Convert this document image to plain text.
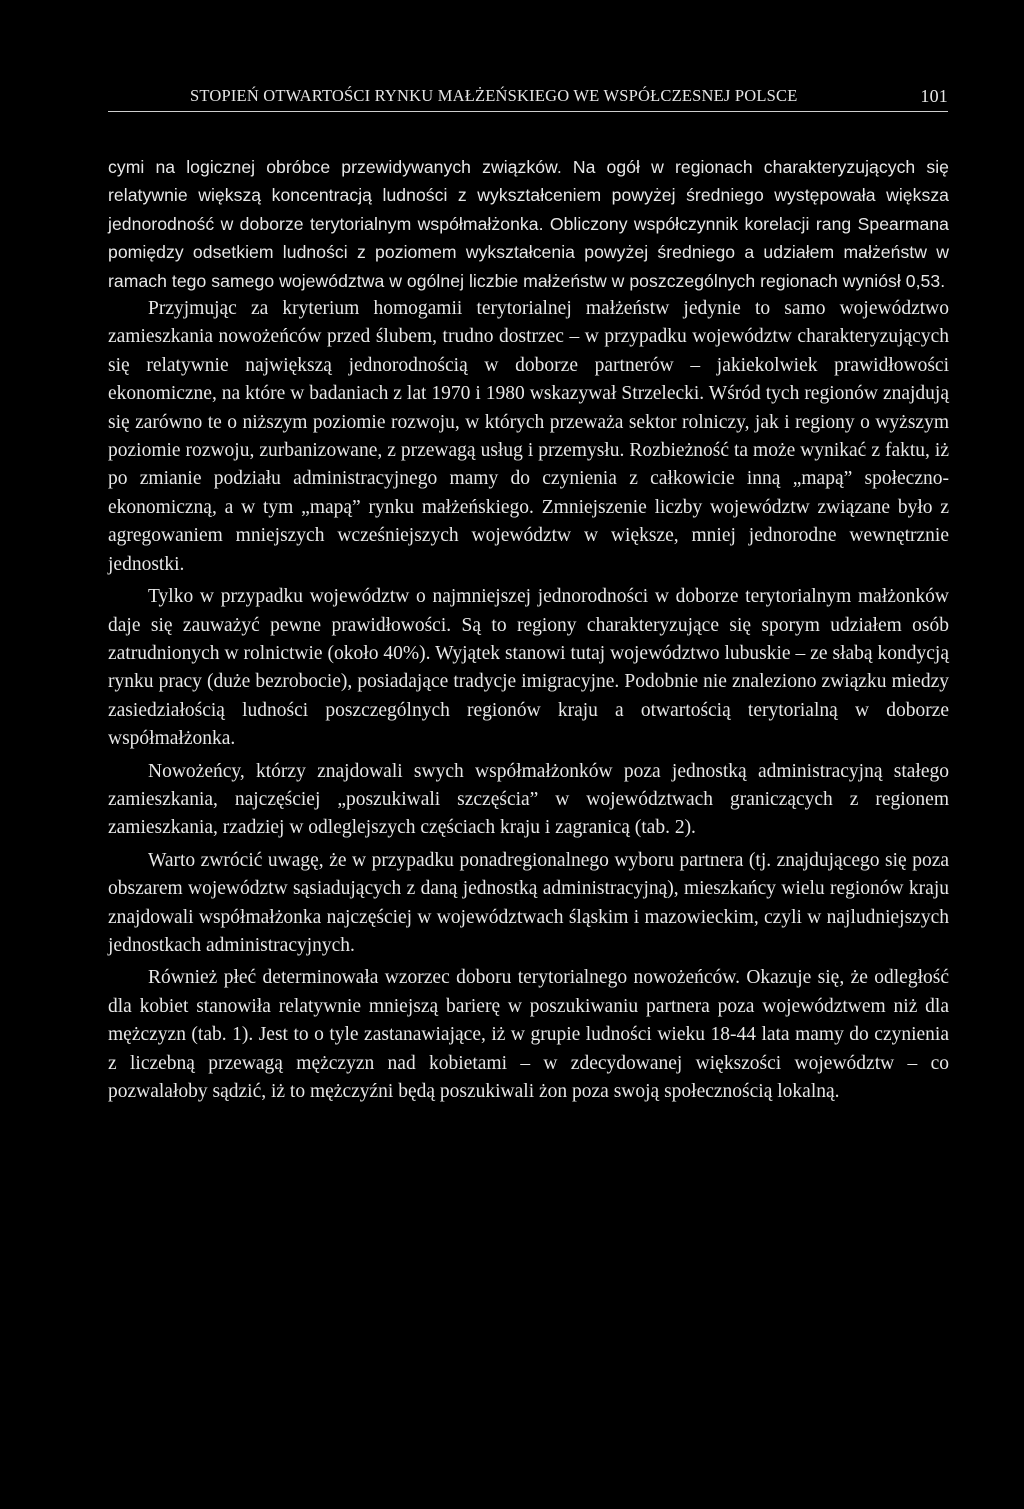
STOPIEŃ OTWARTOŚCI RYNKU MAŁŻEŃSKIEGO WE WSPÓŁCZESNEJ POLSCE	101

cymi na logicznej obróbce przewidywanych związków. Na ogół w regionach charakteryzujących się relatywnie większą koncentracją ludności z wykształceniem powyżej średniego występowała większa jednorodność w doborze terytorialnym współmałżonka. Obliczony współczynnik korelacji rang Spearmana pomiędzy odsetkiem ludności z poziomem wykształcenia powyżej średniego a udziałem małżeństw w ramach tego samego województwa w ogólnej liczbie małżeństw w poszczególnych regionach wyniósł 0,53.

Przyjmując za kryterium homogamii terytorialnej małżeństw jedynie to samo województwo zamieszkania nowożeńców przed ślubem, trudno dostrzec – w przypadku województw charakteryzujących się relatywnie największą jednorodnością w doborze partnerów – jakiekolwiek prawidłowości ekonomiczne, na które w badaniach z lat 1970 i 1980 wskazywał Strzelecki. Wśród tych regionów znajdują się zarówno te o niższym poziomie rozwoju, w których przeważa sektor rolniczy, jak i regiony o wyższym poziomie rozwoju, zurbanizowane, z przewagą usług i przemysłu. Rozbieżność ta może wynikać z faktu, iż po zmianie podziału administracyjnego mamy do czynienia z całkowicie inną „mapą” społeczno-ekonomiczną, a w tym „mapą” rynku małżeńskiego. Zmniejszenie liczby województw związane było z agregowaniem mniejszych wcześniejszych województw w większe, mniej jednorodne wewnętrznie jednostki.

Tylko w przypadku województw o najmniejszej jednorodności w doborze terytorialnym małżonków daje się zauważyć pewne prawidłowości. Są to regiony charakteryzujące się sporym udziałem osób zatrudnionych w rolnictwie (około 40%). Wyjątek stanowi tutaj województwo lubuskie – ze słabą kondycją rynku pracy (duże bezrobocie), posiadające tradycje imigracyjne. Podobnie nie znaleziono związku miedzy zasiedziałością ludności poszczególnych regionów kraju a otwartością terytorialną w doborze współmałżonka.

Nowożeńcy, którzy znajdowali swych współmałżonków poza jednostką administracyjną stałego zamieszkania, najczęściej „poszukiwali szczęścia” w województwach graniczących z regionem zamieszkania, rzadziej w odleglejszych częściach kraju i zagranicą (tab. 2).

Warto zwrócić uwagę, że w przypadku ponadregionalnego wyboru partnera (tj. znajdującego się poza obszarem województw sąsiadujących z daną jednostką administracyjną), mieszkańcy wielu regionów kraju znajdowali współmałżonka najczęściej w województwach śląskim i mazowieckim, czyli w najludniejszych jednostkach administracyjnych.

Również płeć determinowała wzorzec doboru terytorialnego nowożeńców. Okazuje się, że odległość dla kobiet stanowiła relatywnie mniejszą barierę w poszukiwaniu partnera poza województwem niż dla mężczyzn (tab. 1). Jest to o tyle zastanawiające, iż w grupie ludności wieku 18-44 lata mamy do czynienia z liczebną przewagą mężczyzn nad kobietami – w zdecydowanej większości województw – co pozwalałoby sądzić, iż to mężczyźni będą poszukiwali żon poza swoją społecznością lokalną.
